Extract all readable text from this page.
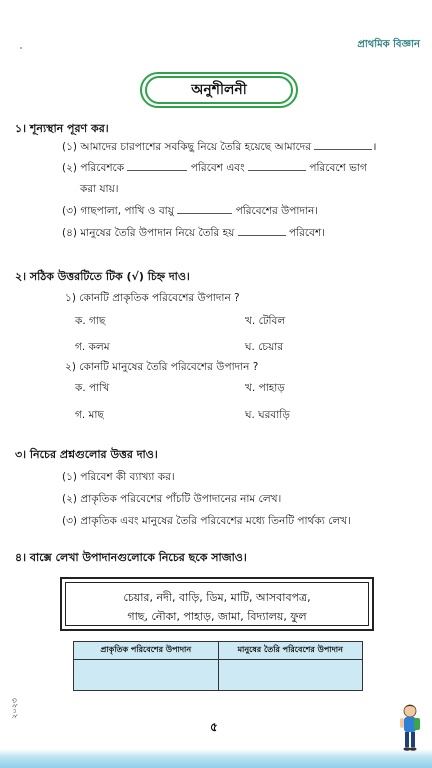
প্রাথমিক বিজ্ঞান
অনুশীলনী
১। শূন্যস্থান পূরণ কর।
(১) আমাদের চারপাশের সবকিছু নিয়ে তৈরি হয়েছে আমাদের	।
(২) পরিবেশকে	পরিবেশ এবং	পরিবেশে ভাগ
করা যায়।
(৩) গাছপালা, পাখি ও বায়ু	পরিবেশের উপাদান।
(৪) মানুষের তৈরি উপাদান নিয়ে তৈরি হয়	পরিবেশ।
২। সঠিক উত্তরটিতে টিক (√) চিহ্ন দাও।
১) কোনটি প্রাকৃতিক পরিবেশের উপাদান ?
ক. গাছ	খ. টেবিল
গ. কলম	ঘ. চেয়ার
২) কোনটি মানুষের তৈরি পরিবেশের উপাদান ?
ক. পাখি	খ. পাহাড়
গ. মাছ	ঘ. ঘরবাড়ি
৩। নিচের প্রশ্নগুলোর উত্তর দাও।
(১) পরিবেশ কী ব্যাখ্যা কর।
(২) প্রাকৃতিক পরিবেশের পাঁচটি উপাদানের নাম লেখ।
(৩) প্রাকৃতিক এবং মানুষের তৈরি পরিবেশের মধ্যে তিনটি পার্থক্য লেখ।
৪। বাক্সে লেখা উপাদানগুলোকে নিচের ছকে সাজাও।
চেয়ার, নদী, বাড়ি, ডিম, মাটি, আসবাবপত্র,
গাছ, নৌকা, পাহাড়, জামা, বিদ্যালয়, ফুল
প্রাকৃতিক পরিবেশের উপাদান	মানুষের তৈরি পরিবেশের উপাদান

২০২৩
৫
